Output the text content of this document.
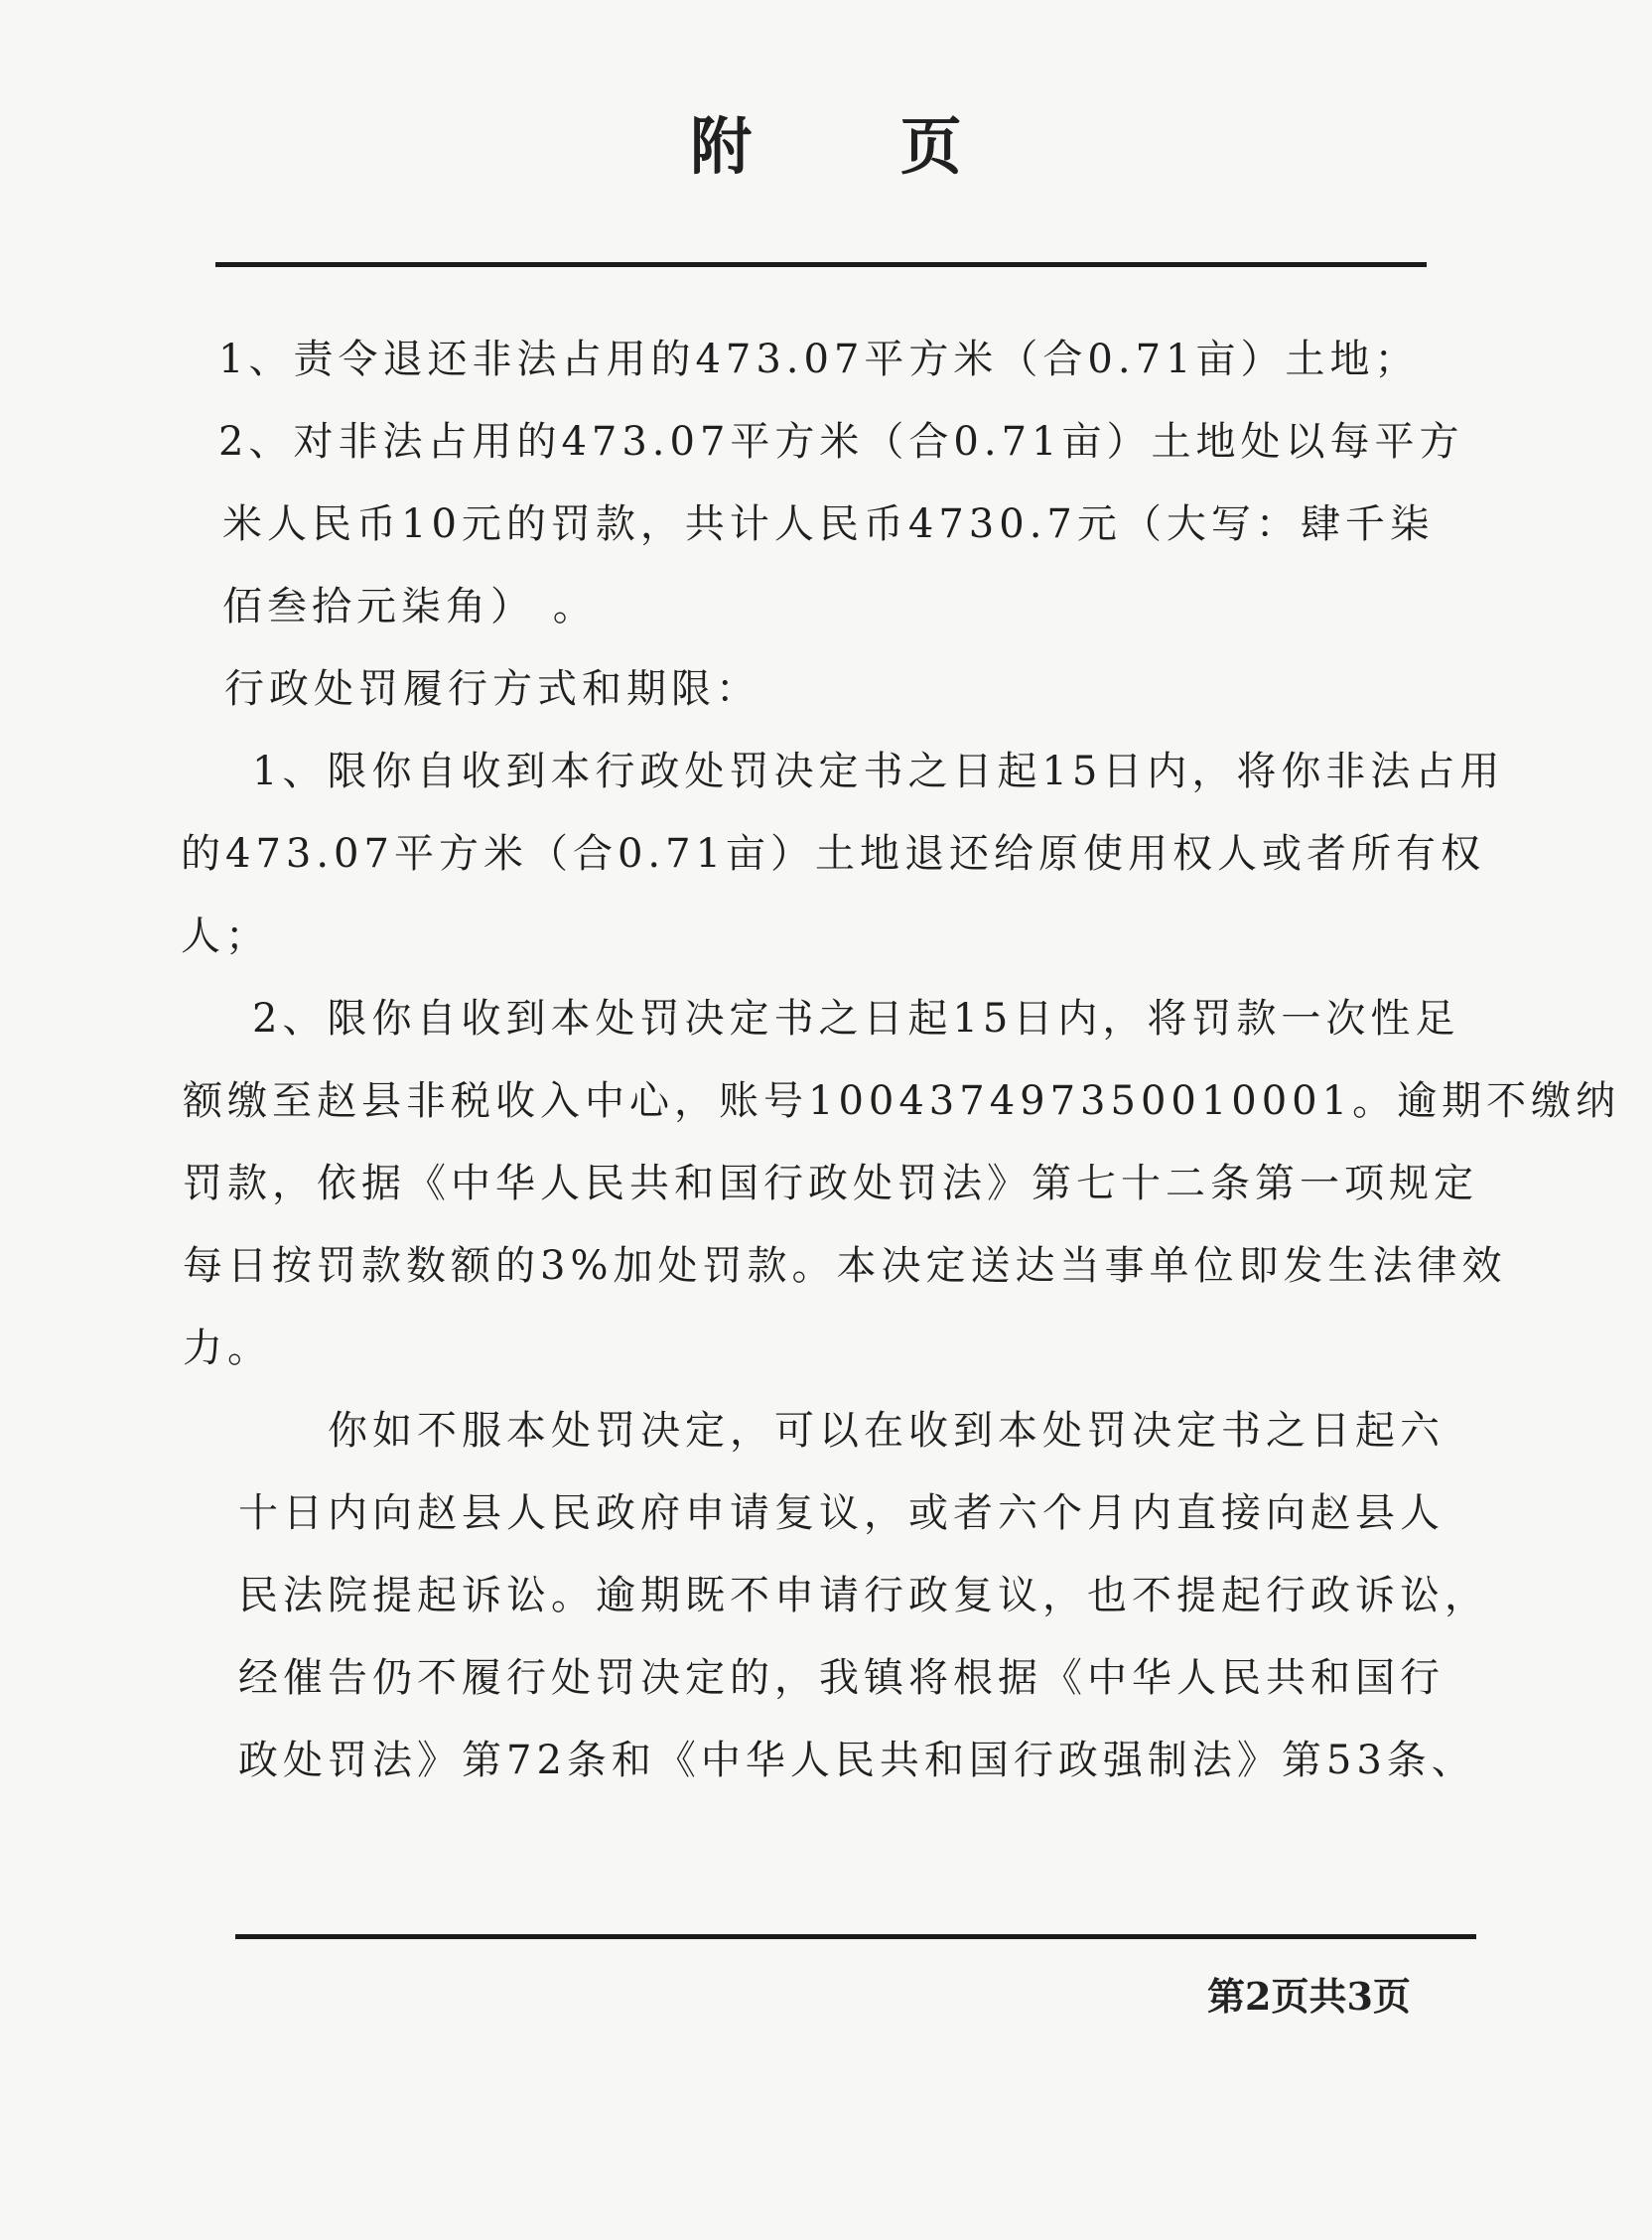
附 页
1、责令退还非法占用的473.07平方米（合0.71亩）土地；
2、对非法占用的473.07平方米（合0.71亩）土地处以每平方
米人民币10元的罚款，共计人民币4730.7元（大写：肆千柒
佰叁拾元柒角） 。
行政处罚履行方式和期限：
1、限你自收到本行政处罚决定书之日起15日内，将你非法占用
的473.07平方米（合0.71亩）土地退还给原使用权人或者所有权
人；
2、限你自收到本处罚决定书之日起15日内，将罚款一次性足
额缴至赵县非税收入中心，账号100437497350010001。逾期不缴纳
罚款，依据《中华人民共和国行政处罚法》第七十二条第一项规定
每日按罚款数额的3%加处罚款。本决定送达当事单位即发生法律效
力。
你如不服本处罚决定，可以在收到本处罚决定书之日起六
十日内向赵县人民政府申请复议，或者六个月内直接向赵县人
民法院提起诉讼。逾期既不申请行政复议，也不提起行政诉讼，
经催告仍不履行处罚决定的，我镇将根据《中华人民共和国行
政处罚法》第72条和《中华人民共和国行政强制法》第53条、
第2页共3页
